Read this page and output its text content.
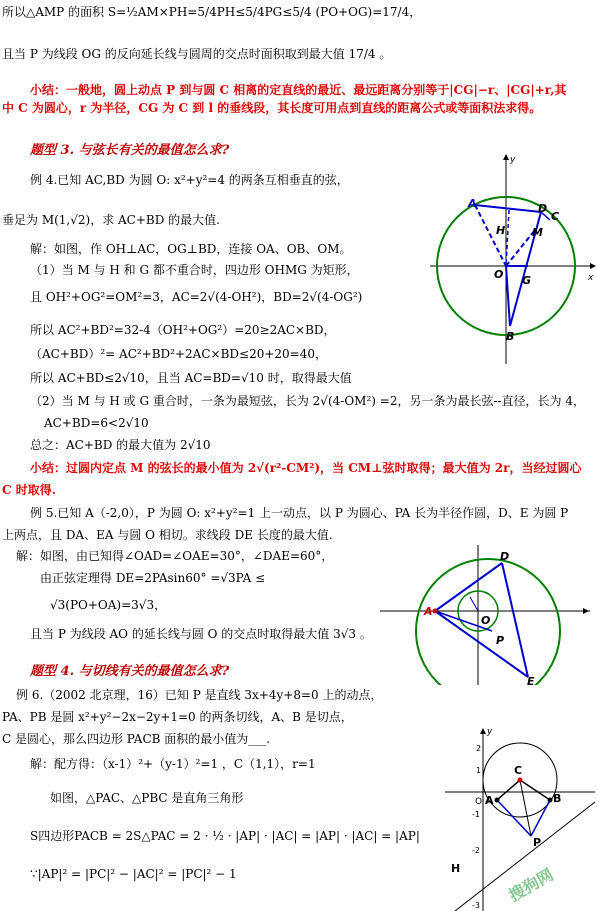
所以△AMP 的面积 S=½AM×PH=5/4PH≤5/4PG≤5/4 (PO+OG)=17/4，
且当 P 为线段 OG 的反向延长线与圆周的交点时面积取到最大值 17/4 。
小结：一般地，圆上动点 P 到与圆 C 相离的定直线的最近、最远距离分别等于|CG|−r、|CG|+r,其
中 C 为圆心，r 为半径，CG 为 C 到 l 的垂线段，其长度可用点到直线的距离公式或等面积法求得。
题型 3. 与弦长有关的最值怎么求?
例 4.已知 AC,BD 为圆 O: x²+y²=4 的两条互相垂直的弦，
垂足为 M(1,√2)，求 AC+BD 的最大值.
解：如图，作 OH⊥AC，OG⊥BD，连接 OA、OB、OM。
（1）当 M 与 H 和 G 都不重合时，四边形 OHMG 为矩形，
且 OH²+OG²=OM²=3，AC=2√(4-OH²)，BD=2√(4-OG²)
所以 AC²+BD²=32-4（OH²+OG²）=20≥2AC×BD，
（AC+BD）²= AC²+BD²+2AC×BD≤20+20=40，
所以 AC+BD≤2√10，且当 AC=BD=√10 时，取得最大值
（2）当 M 与 H 或 G 重合时，一条为最短弦，长为 2√(4-OM²) =2，另一条为最长弦--直径，长为 4，
AC+BD=6<2√10
总之：AC+BD 的最大值为 2√10
小结：过圆内定点 M 的弦长的最小值为 2√(r²-CM²)，当 CM⊥弦时取得；最大值为 2r，当经过圆心
C 时取得.
例 5.已知 A（-2,0），P 为圆 O: x²+y²=1 上一动点，以 P 为圆心、PA 长为半径作圆，D、E 为圆 P
上两点，且 DA、EA 与圆 O 相切。求线段 DE 长度的最大值.
解：如图，由已知得∠OAD=∠OAE=30°，∠DAE=60°，
由正弦定理得 DE=2PAsin60° =√3PA ≤
√3(PO+OA)=3√3，
且当 P 为线段 AO 的延长线与圆 O 的交点时取得最大值 3√3 。
题型 4. 与切线有关的最值怎么求?
例 6.（2002 北京理，16）已知 P 是直线 3x+4y+8=0 上的动点，
PA、PB 是圆 x²+y²−2x−2y+1=0 的两条切线，A、B 是切点，
C 是圆心，那么四边形 PACB 面积的最小值为___.
解：配方得：（x-1）²+（y-1）²=1 ，C（1,1），r=1
如图，△PAC、△PBC 是直角三角形
S四边形PACB = 2S△PAC = 2 · ½ · |AP| · |AC| = |AP| · |AC| = |AP|
∵|AP|² = |PC|² − |AC|² = |PC|² − 1
A	D
C
H M
O G
B
y
x
A
D
E
O
P
C
A	B
O
P
H
y
1
2
-1
-2
-3
搜狗网
